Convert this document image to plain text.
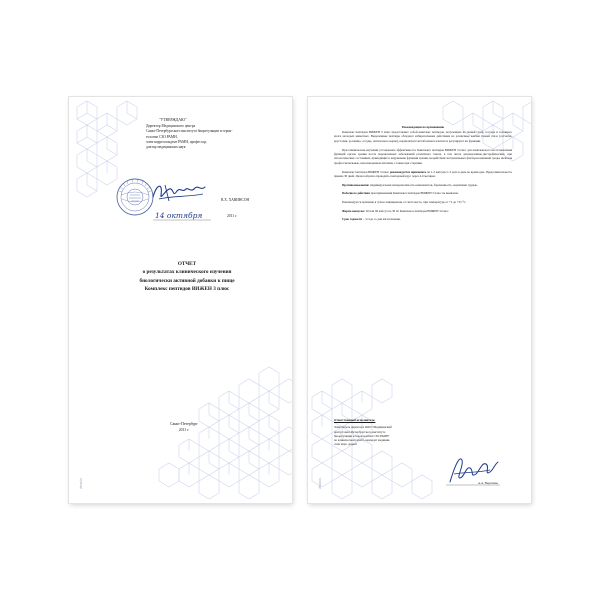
vitual.ru
"УТВЕРЖДАЮ"
Директор Медицинского центра
Санкт-Петербургского института биорегуляции и герон-
тологии СЗО РАМН,
член-корреспондент РАМН, профессор,
доктор медицинских наук
В.Х. ХАВИНСОН
14 октября	2011 г.
ОТЧЕТ
о результатах клинического изучения
биологически активной добавки к пище
Комплекс пептидов ВИЖЕН 3 плюс
Санкт-Петербург
2011 г.
vitual.ru
Рекомендации по применению

Комплекс пептидов ВИЖЕН 3 плюс представляет собой комплекс пептидов, полученных из тканей глаза, сосудов и головного мозга молодых животных. Выделенные пептиды обладают избирательным действием на различные клетки тканей глаза (сетчатка, хрусталик, роговица, сосуды, оптического нерва), нормализуют метаболизм в клетках и регулируют их функции.

При клиническом изучении установлена эффективность Комплекса пептидов ВИЖЕН 3 плюс для комплексного восстановления функций органа зрения после перенесенных заболеваний различного генеза, в том числе дегенеративно-дистрофических, при патологических состояниях, приводящих к нарушению функции зрения, воздействии экстремальных факторов внешней среды, включая профессиональные, неполноценном питании, а также при старении.

Комплекс пептидов ВИЖЕН 3 плюс рекомендуется принимать по 1-2 капсулы 1-3 раза в день во время еды. Продолжительность приема 30 дней. Целесообразно проводить повторный курс через 4-6 месяцев.

Противопоказания: индивидуальная непереносимость компонентов, беременность, кормление грудью.

Побочного действия при применении Комплекса пептидов ВИЖЕН 3 плюс не выявлено.

Рекомендуется хранение в сухом защищенном от света месте, при температуре от +2 до +25 °С.

Форма выпуска: 20 или 60 капсул по 30 мг Комплекса пептидов ВИЖЕН 3 плюс.

Срок годности – 3 года со дня изготовления.

Ответственный исполнитель:
Заместитель директора ООО "Медицинский
центр Санкт-Петербургского института
биорегуляции и геронтологии СЗО РАМН"
по клинической работе, кандидат медицин-
ских наук, доцент
А.А. Веретенко
